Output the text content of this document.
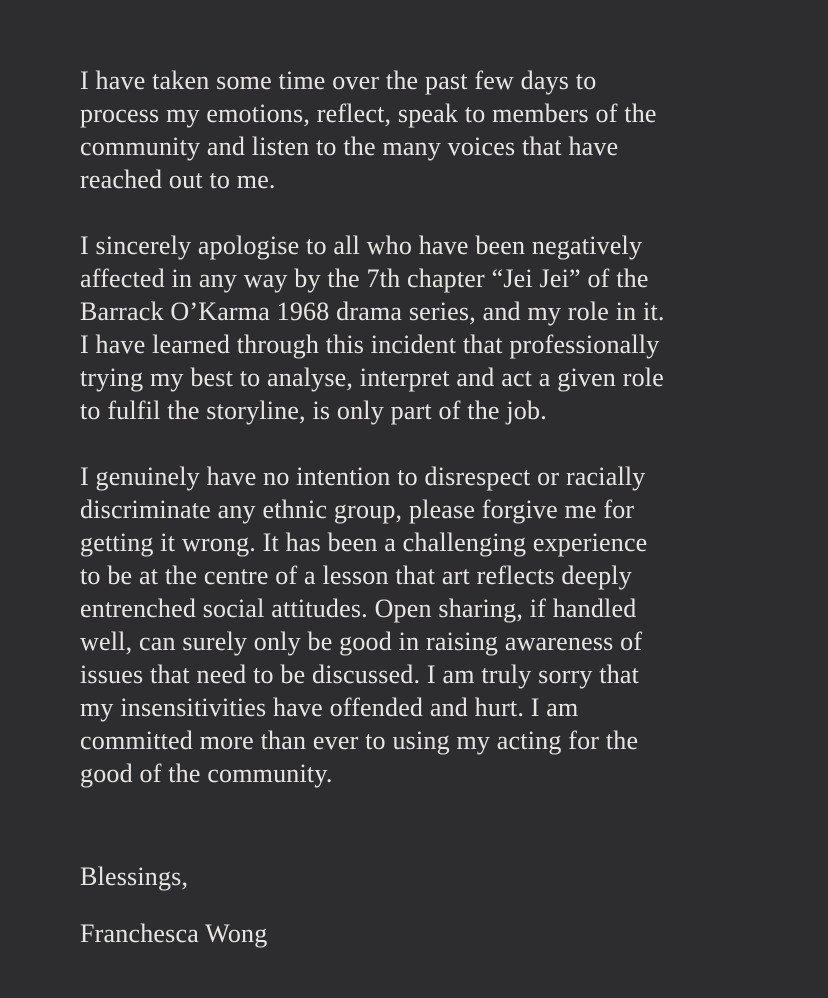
I have taken some time over the past few days to
process my emotions, reflect, speak to members of the
community and listen to the many voices that have
reached out to me.
I sincerely apologise to all who have been negatively
affected in any way by the 7th chapter “Jei Jei” of the
Barrack O’Karma 1968 drama series, and my role in it.
I have learned through this incident that professionally
trying my best to analyse, interpret and act a given role
to fulfil the storyline, is only part of the job.
I genuinely have no intention to disrespect or racially
discriminate any ethnic group, please forgive me for
getting it wrong. It has been a challenging experience
to be at the centre of a lesson that art reflects deeply
entrenched social attitudes. Open sharing, if handled
well, can surely only be good in raising awareness of
issues that need to be discussed. I am truly sorry that
my insensitivities have offended and hurt. I am
committed more than ever to using my acting for the
good of the community.
Blessings,
Franchesca Wong
